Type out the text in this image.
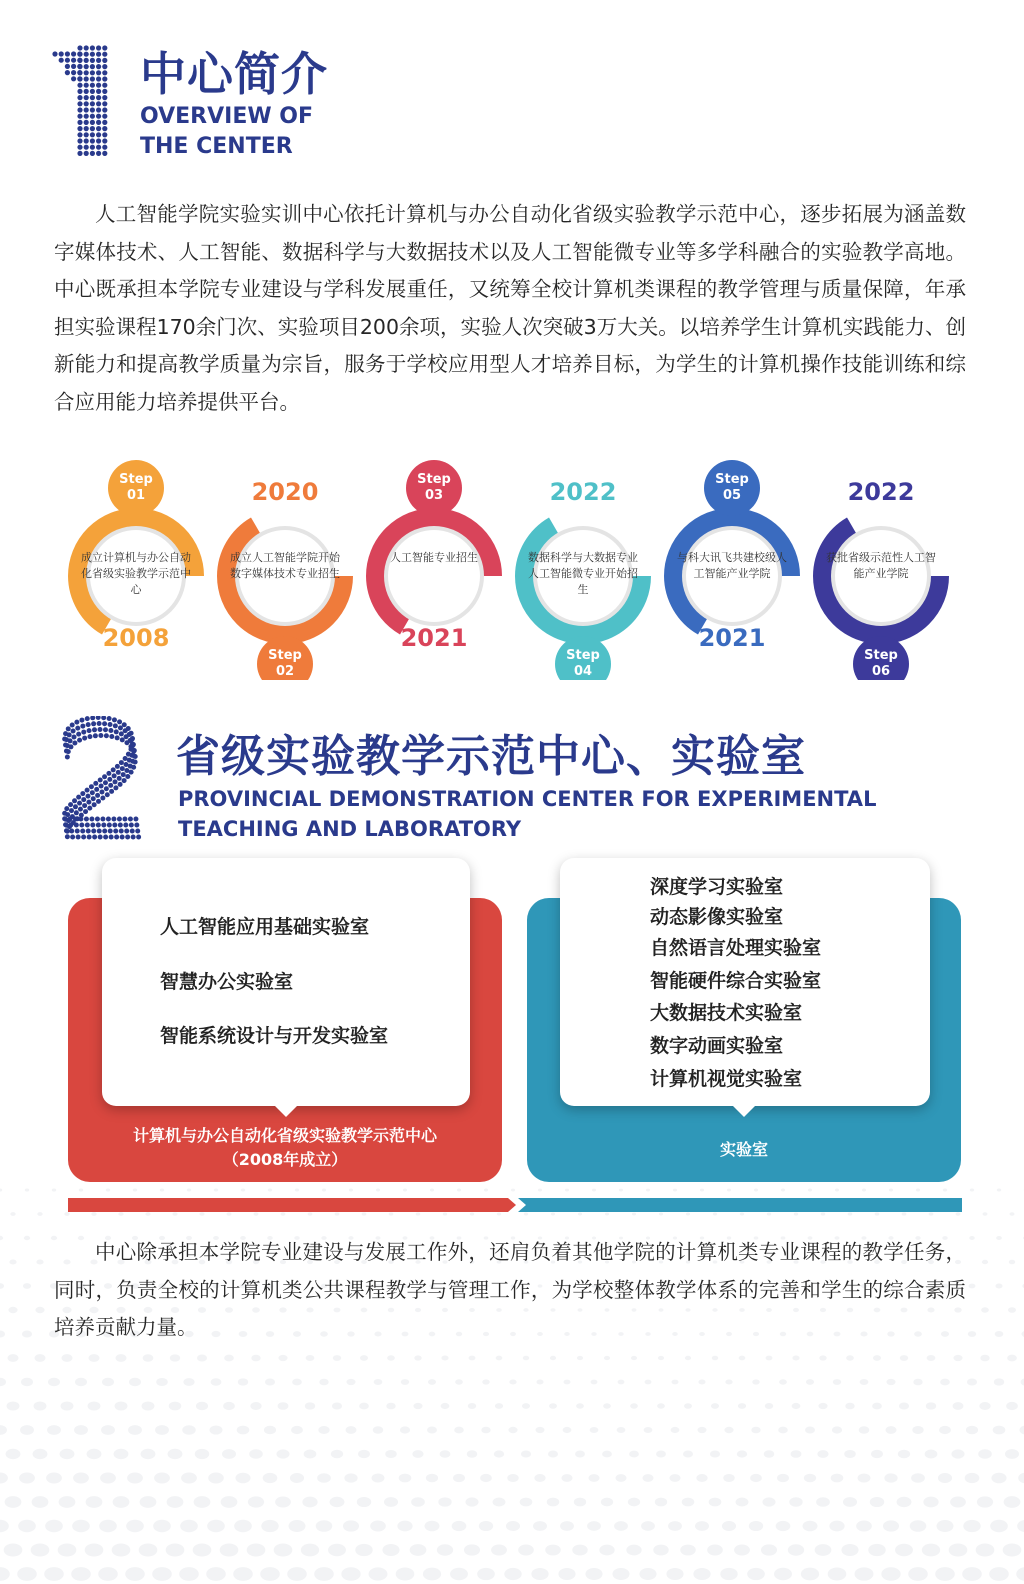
中心简介
OVERVIEW OF
THE CENTER
人工智能学院实验实训中心依托计算机与办公自动化省级实验教学示范中心，逐步拓展为涵盖数字媒体技术、人工智能、数据科学与大数据技术以及人工智能微专业等多学科融合的实验教学高地。中心既承担本学院专业建设与学科发展重任，又统筹全校计算机类课程的教学管理与质量保障，年承担实验课程170余门次、实验项目200余项，实验人次突破3万大关。以培养学生计算机实践能力、创新能力和提高教学质量为宗旨，服务于学校应用型人才培养目标，为学生的计算机操作技能训练和综合应用能力培养提供平台。
成立计算机与办公自动化省级实验教学示范中心
2008
Step
01
成立人工智能学院开始数字媒体技术专业招生
2020
Step
02
人工智能专业招生
2021
Step
03
数据科学与大数据专业人工智能微专业开始招生
2022
Step
04
与科大讯飞共建校级人工智能产业学院
2021
Step
05
获批省级示范性人工智能产业学院
2022
Step
06
省级实验教学示范中心、实验室
PROVINCIAL DEMONSTRATION CENTER FOR EXPERIMENTAL
TEACHING AND LABORATORY
人工智能应用基础实验室
智慧办公实验室
智能系统设计与开发实验室
计算机与办公自动化省级实验教学示范中心
（2008年成立）
深度学习实验室
动态影像实验室
自然语言处理实验室
智能硬件综合实验室
大数据技术实验室
数字动画实验室
计算机视觉实验室
实验室
中心除承担本学院专业建设与发展工作外，还肩负着其他学院的计算机类专业课程的教学任务，同时，负责全校的计算机类公共课程教学与管理工作，为学校整体教学体系的完善和学生的综合素质培养贡献力量。
